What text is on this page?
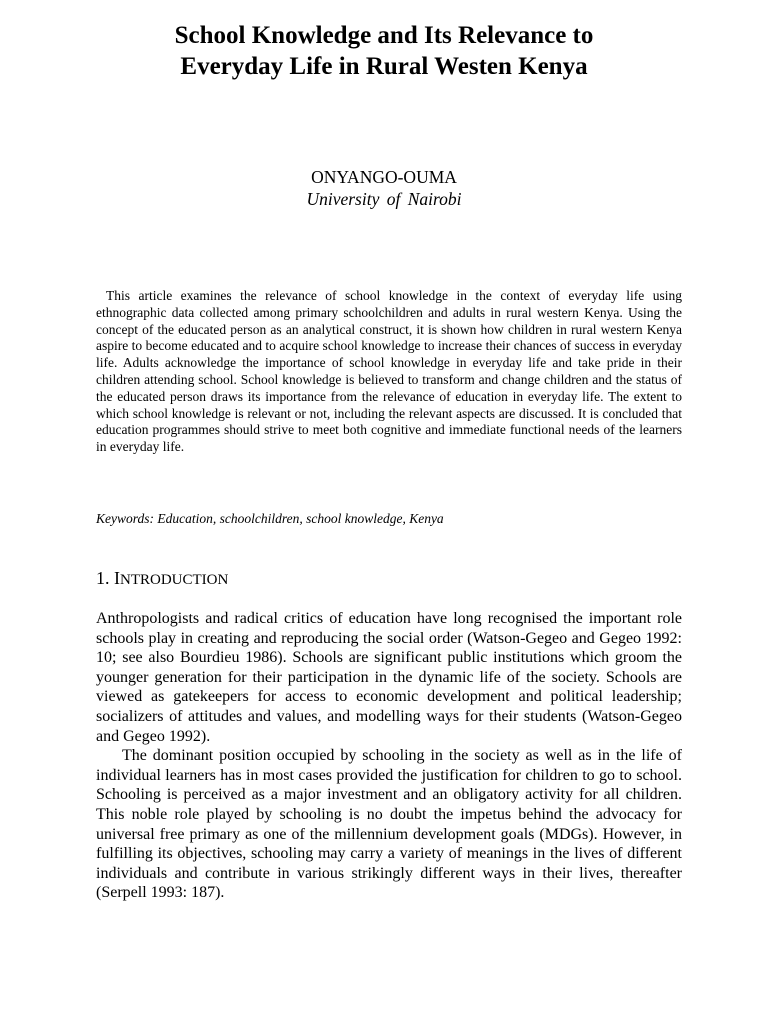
School Knowledge and Its Relevance to
Everyday Life in Rural Westen Kenya
ONYANGO-OUMA
University of Nairobi
This article examines the relevance of school knowledge in the context of everyday life using ethnographic data collected among primary schoolchildren and adults in rural western Kenya. Using the concept of the educated person as an analytical construct, it is shown how children in rural western Kenya aspire to become educated and to acquire school knowledge to increase their chances of success in everyday life. Adults acknowledge the importance of school knowledge in everyday life and take pride in their children attending school. School knowledge is believed to transform and change children and the status of the educated person draws its importance from the relevance of education in everyday life. The extent to which school knowledge is relevant or not, including the relevant aspects are discussed. It is concluded that education programmes should strive to meet both cognitive and immediate functional needs of the learners in everyday life.
Keywords: Education, schoolchildren, school knowledge, Kenya
1. INTRODUCTION

Anthropologists and radical critics of education have long recognised the important role schools play in creating and reproducing the social order (Watson-Gegeo and Gegeo 1992: 10; see also Bourdieu 1986). Schools are significant public institutions which groom the younger generation for their participation in the dynamic life of the society. Schools are viewed as gatekeepers for access to economic development and political leadership; socializers of attitudes and values, and modelling ways for their students (Watson-Gegeo and Gegeo 1992).

The dominant position occupied by schooling in the society as well as in the life of individual learners has in most cases provided the justification for children to go to school. Schooling is perceived as a major investment and an obligatory activity for all children. This noble role played by schooling is no doubt the impetus behind the advocacy for universal free primary as one of the millennium development goals (MDGs). However, in fulfilling its objectives, schooling may carry a variety of meanings in the lives of different individuals and contribute in various strikingly different ways in their lives, thereafter (Serpell 1993: 187).
